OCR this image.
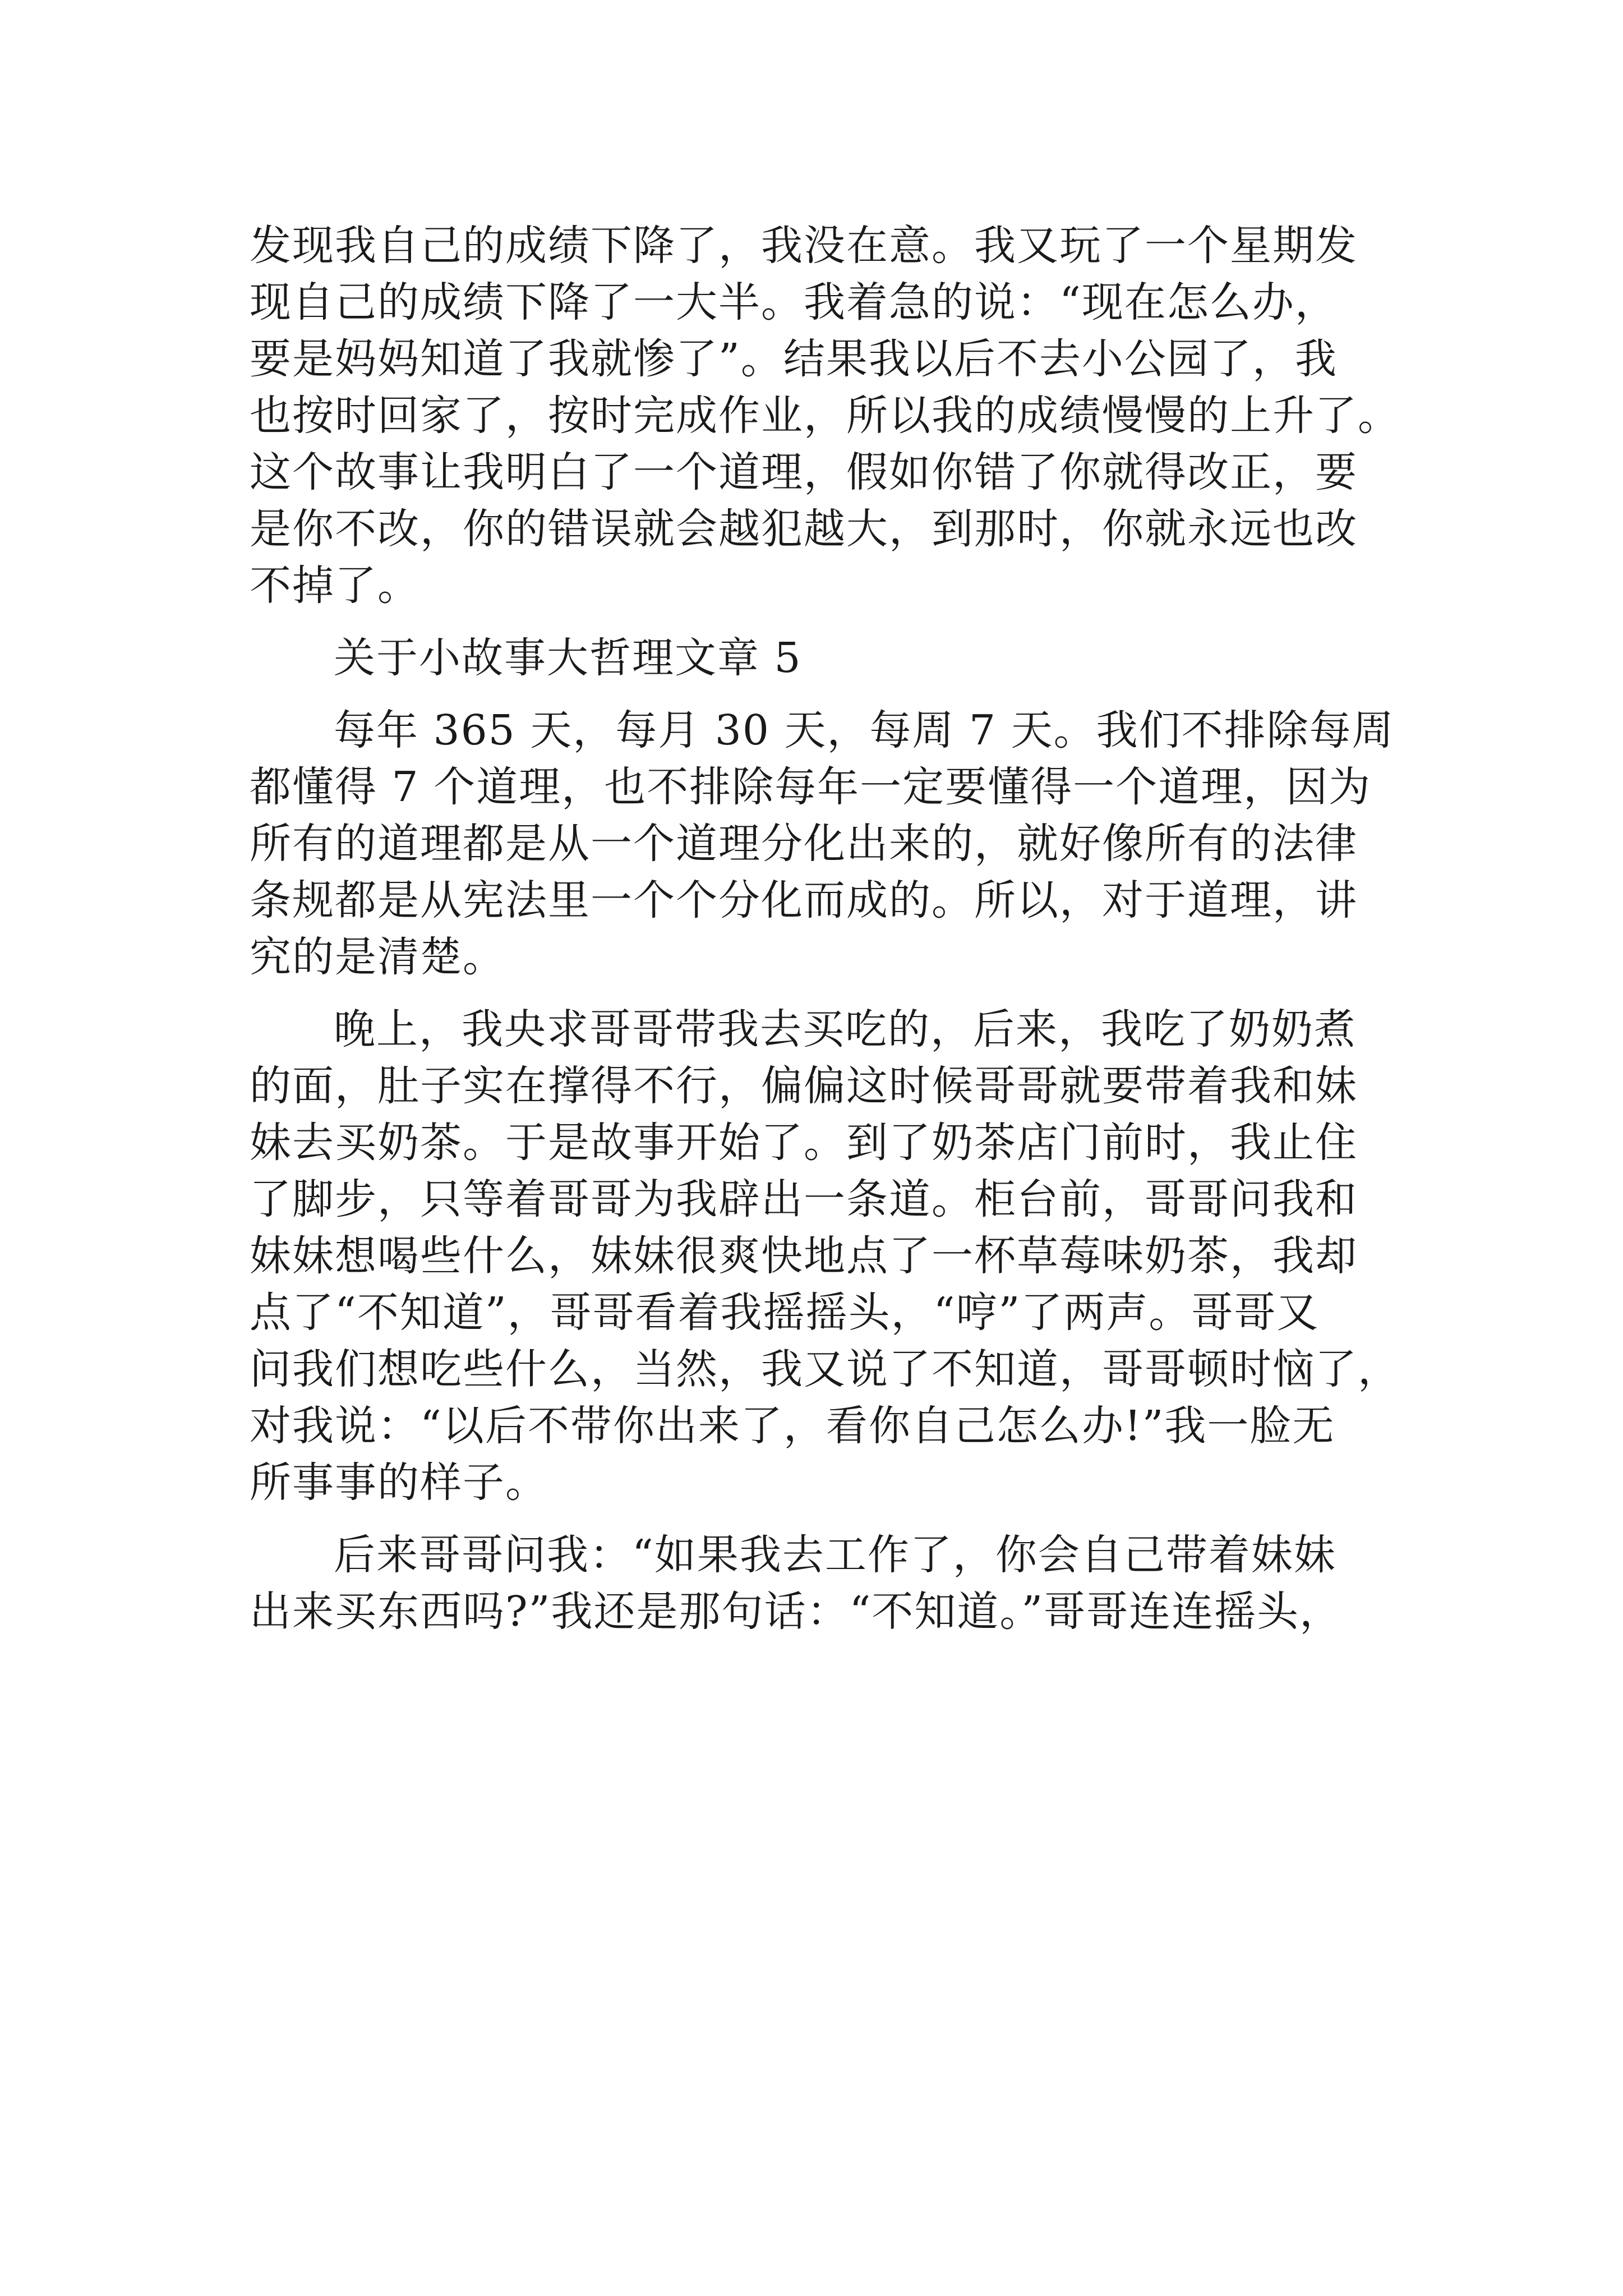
发现我自己的成绩下降了，我没在意。我又玩了一个星期发
现自己的成绩下降了一大半。我着急的说：“现在怎么办，
要是妈妈知道了我就惨了”。结果我以后不去小公园了，我
也按时回家了，按时完成作业，所以我的成绩慢慢的上升了。
这个故事让我明白了一个道理，假如你错了你就得改正，要
是你不改，你的错误就会越犯越大，到那时，你就永远也改
不掉了。
关于小故事大哲理文章 5
每年 365 天，每月 30 天，每周 7 天。我们不排除每周
都懂得 7 个道理，也不排除每年一定要懂得一个道理，因为
所有的道理都是从一个道理分化出来的，就好像所有的法律
条规都是从宪法里一个个分化而成的。所以，对于道理，讲
究的是清楚。
晚上，我央求哥哥带我去买吃的，后来，我吃了奶奶煮
的面，肚子实在撑得不行，偏偏这时候哥哥就要带着我和妹
妹去买奶茶。于是故事开始了。到了奶茶店门前时，我止住
了脚步，只等着哥哥为我辟出一条道。柜台前，哥哥问我和
妹妹想喝些什么，妹妹很爽快地点了一杯草莓味奶茶，我却
点了“不知道”，哥哥看着我摇摇头，“哼”了两声。哥哥又
问我们想吃些什么，当然，我又说了不知道，哥哥顿时恼了，
对我说：“以后不带你出来了，看你自己怎么办!”我一脸无
所事事的样子。
后来哥哥问我：“如果我去工作了，你会自己带着妹妹
出来买东西吗?”我还是那句话：“不知道。”哥哥连连摇头，
